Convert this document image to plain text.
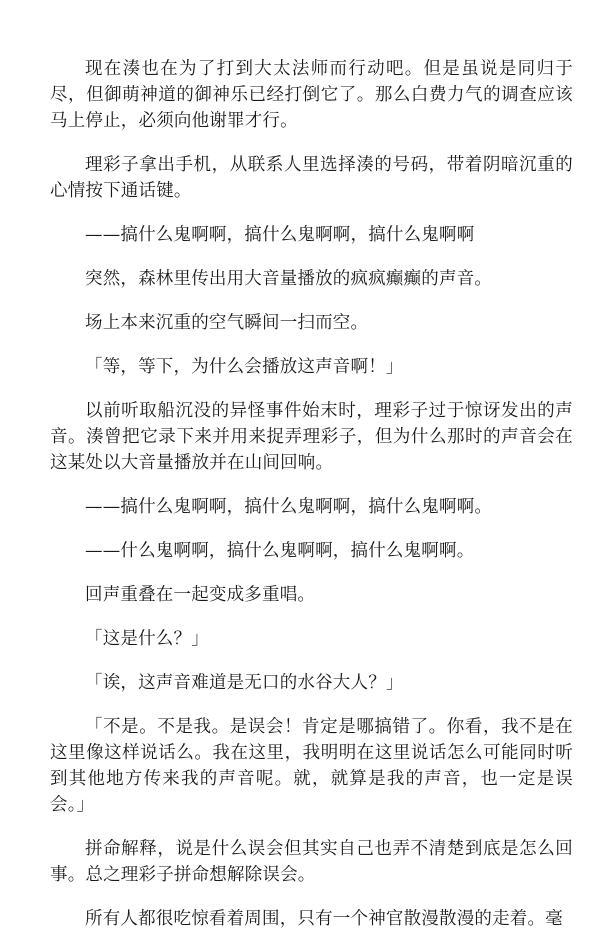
现在湊也在为了打到大太法师而行动吧。但是虽说是同归于尽，但御萌神道的御神乐已经打倒它了。那么白费力气的调查应该马上停止，必须向他谢罪才行。

理彩子拿出手机，从联系人里选择湊的号码，带着阴暗沉重的心情按下通话键。

——搞什么鬼啊啊，搞什么鬼啊啊，搞什么鬼啊啊

突然，森林里传出用大音量播放的疯疯癫癫的声音。

场上本来沉重的空气瞬间一扫而空。

「等，等下，为什么会播放这声音啊！」

以前听取船沉没的异怪事件始末时，理彩子过于惊讶发出的声音。湊曾把它录下来并用来捉弄理彩子，但为什么那时的声音会在这某处以大音量播放并在山间回响。

——搞什么鬼啊啊，搞什么鬼啊啊，搞什么鬼啊啊。

——什么鬼啊啊，搞什么鬼啊啊，搞什么鬼啊啊。

回声重叠在一起变成多重唱。

「这是什么？」

「诶，这声音难道是无口的水谷大人？」

「不是。不是我。是误会！肯定是哪搞错了。你看，我不是在这里像这样说话么。我在这里，我明明在这里说话怎么可能同时听到其他地方传来我的声音呢。就，就算是我的声音，也一定是误会。」

拼命解释，说是什么误会但其实自己也弄不清楚到底是怎么回事。总之理彩子拼命想解除误会。

所有人都很吃惊看着周围，只有一个神官散漫散漫的走着。毫
